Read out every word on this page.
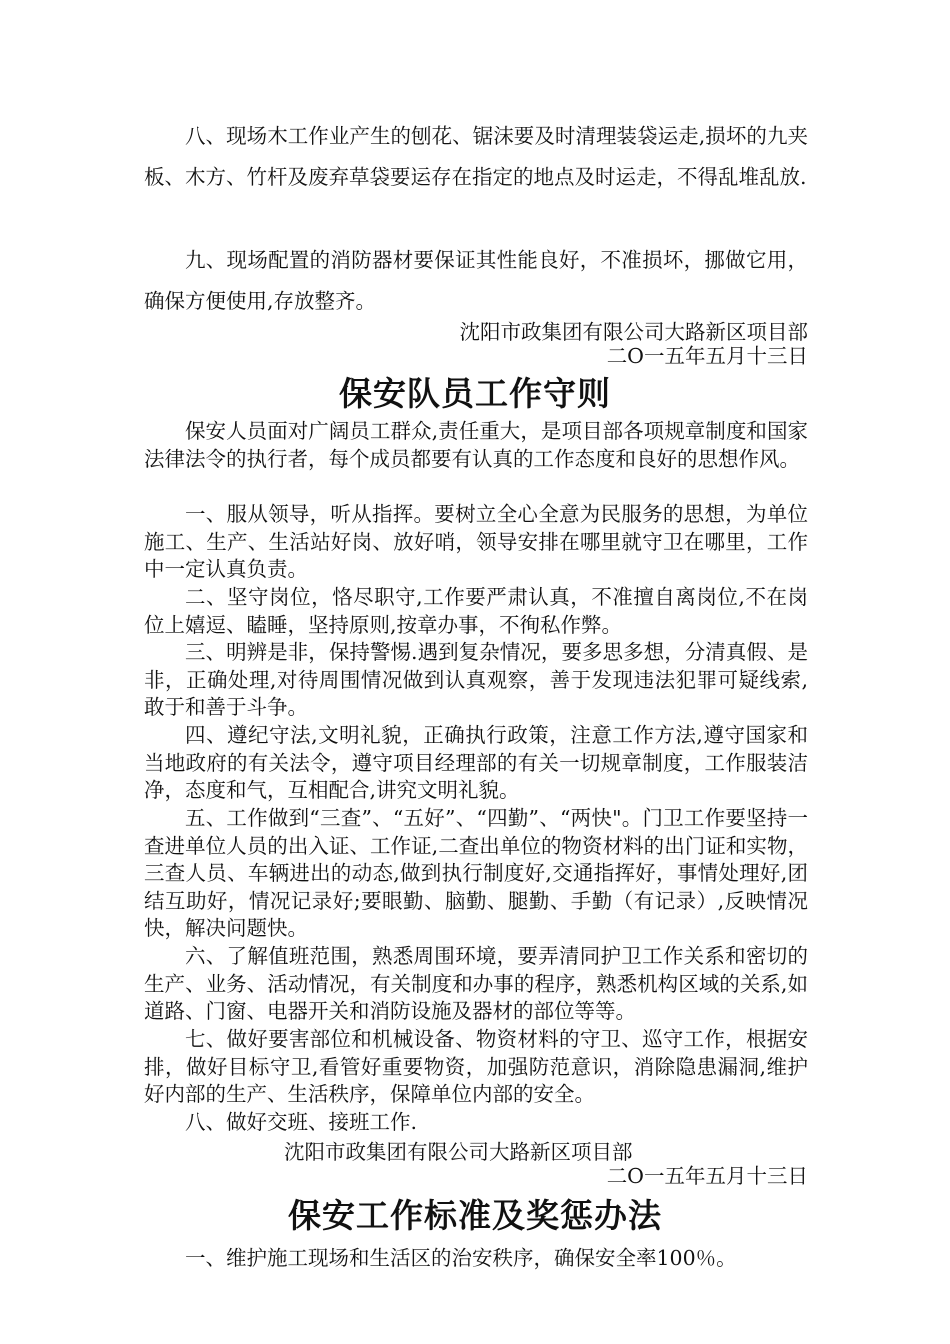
八、现场木工作业产生的刨花、锯沫要及时清理装袋运走,损坏的九夹板、木方、竹杆及废弃草袋要运存在指定的地点及时运走，不得乱堆乱放.

九、现场配置的消防器材要保证其性能良好，不准损坏，挪做它用，确保方便使用,存放整齐。

沈阳市政集团有限公司大路新区项目部

二O一五年五月十三日

保安队员工作守则

保安人员面对广阔员工群众,责任重大，是项目部各项规章制度和国家法律法令的执行者，每个成员都要有认真的工作态度和良好的思想作风。

一、服从领导，听从指挥。要树立全心全意为民服务的思想，为单位施工、生产、生活站好岗、放好哨，领导安排在哪里就守卫在哪里，工作中一定认真负责。

二、坚守岗位，恪尽职守,工作要严肃认真，不准擅自离岗位,不在岗位上嬉逗、瞌睡，坚持原则,按章办事，不徇私作弊。

三、明辨是非，保持警惕.遇到复杂情况，要多思多想，分清真假、是非，正确处理,对待周围情况做到认真观察，善于发现违法犯罪可疑线索,敢于和善于斗争。

四、遵纪守法,文明礼貌，正确执行政策，注意工作方法,遵守国家和当地政府的有关法令，遵守项目经理部的有关一切规章制度，工作服装洁净，态度和气，互相配合,讲究文明礼貌。

五、工作做到“三查”、“五好”、“四勤”、“两快"。门卫工作要坚持一查进单位人员的出入证、工作证,二查出单位的物资材料的出门证和实物，三查人员、车辆进出的动态,做到执行制度好,交通指挥好，事情处理好,团结互助好，情况记录好;要眼勤、脑勤、腿勤、手勤（有记录）,反映情况快，解决问题快。

六、了解值班范围，熟悉周围环境，要弄清同护卫工作关系和密切的生产、业务、活动情况，有关制度和办事的程序，熟悉机构区域的关系,如道路、门窗、电器开关和消防设施及器材的部位等等。

七、做好要害部位和机械设备、物资材料的守卫、巡守工作，根据安排，做好目标守卫,看管好重要物资，加强防范意识，消除隐患漏洞,维护好内部的生产、生活秩序，保障单位内部的安全。

八、做好交班、接班工作.

沈阳市政集团有限公司大路新区项目部

二O一五年五月十三日

保安工作标准及奖惩办法

一、维护施工现场和生活区的治安秩序，确保安全率100％。
